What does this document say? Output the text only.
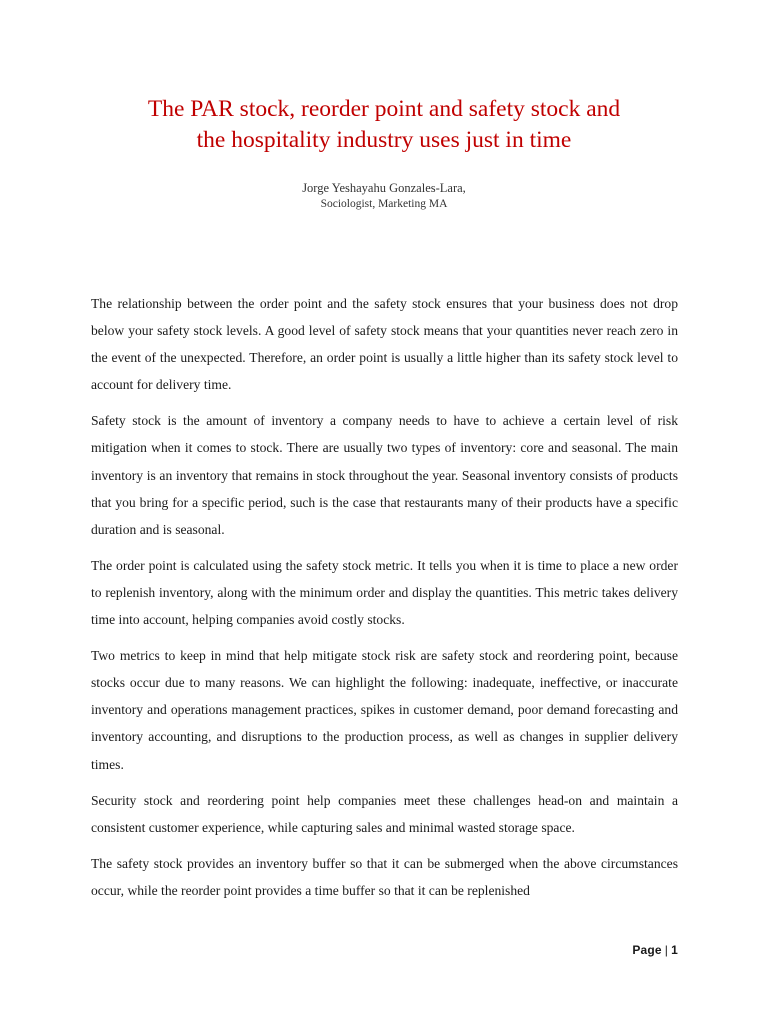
The PAR stock, reorder point and safety stock and
the hospitality industry uses just in time
Jorge Yeshayahu Gonzales-Lara,
Sociologist, Marketing MA

The relationship between the order point and the safety stock ensures that your business does not drop below your safety stock levels. A good level of safety stock means that your quantities never reach zero in the event of the unexpected. Therefore, an order point is usually a little higher than its safety stock level to account for delivery time.

Safety stock is the amount of inventory a company needs to have to achieve a certain level of risk mitigation when it comes to stock. There are usually two types of inventory: core and seasonal. The main inventory is an inventory that remains in stock throughout the year. Seasonal inventory consists of products that you bring for a specific period, such is the case that restaurants many of their products have a specific duration and is seasonal.

The order point is calculated using the safety stock metric. It tells you when it is time to place a new order to replenish inventory, along with the minimum order and display the quantities. This metric takes delivery time into account, helping companies avoid costly stocks.

Two metrics to keep in mind that help mitigate stock risk are safety stock and reordering point, because stocks occur due to many reasons. We can highlight the following: inadequate, ineffective, or inaccurate inventory and operations management practices, spikes in customer demand, poor demand forecasting and inventory accounting, and disruptions to the production process, as well as changes in supplier delivery times.

Security stock and reordering point help companies meet these challenges head-on and maintain a consistent customer experience, while capturing sales and minimal wasted storage space.

The safety stock provides an inventory buffer so that it can be submerged when the above circumstances occur, while the reorder point provides a time buffer so that it can be replenished

Page | 1
